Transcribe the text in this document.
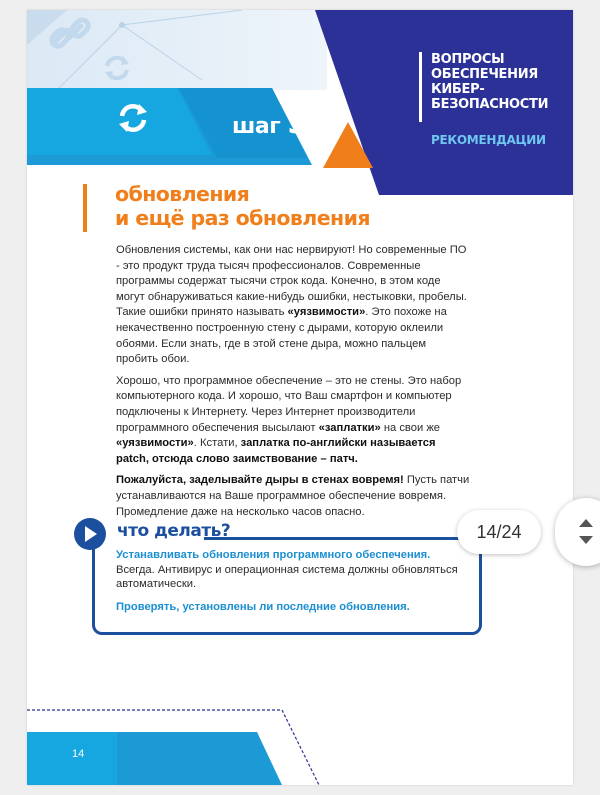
шаг 5
ВОПРОСЫ
ОБЕСПЕЧЕНИЯ
КИБЕР-
БЕЗОПАСНОСТИ
РЕКОМЕНДАЦИИ
обновления
и ещё раз обновления

Обновления системы, как они нас нервируют! Но современные ПО - это продукт труда тысяч профессионалов. Современные программы содержат тысячи строк кода. Конечно, в этом коде могут обнаруживаться какие-нибудь ошибки, нестыковки, пробелы. Такие ошибки принято называть «уязвимости». Это похоже на некачественно построенную стену с дырами, которую оклеили обоями. Если знать, где в этой стене дыра, можно пальцем пробить обои.

Хорошо, что программное обеспечение – это не стены. Это набор компьютерного кода. И хорошо, что Ваш смартфон и компьютер подключены к Интернету. Через Интернет производители программного обеспечения высылают «заплатки» на свои же «уязвимости». Кстати, заплатка по-английски называется patch, отсюда слово заимствование – патч.

Пожалуйста, заделывайте дыры в стенах вовремя! Пусть патчи устанавливаются на Ваше программное обеспечение вовремя. Промедление даже на несколько часов опасно.

что делать?

Устанавливать обновления программного обеспечения. Всегда. Антивирус и операционная система должны обновляться автоматически.

Проверять, установлены ли последние обновления.

14
14/24
